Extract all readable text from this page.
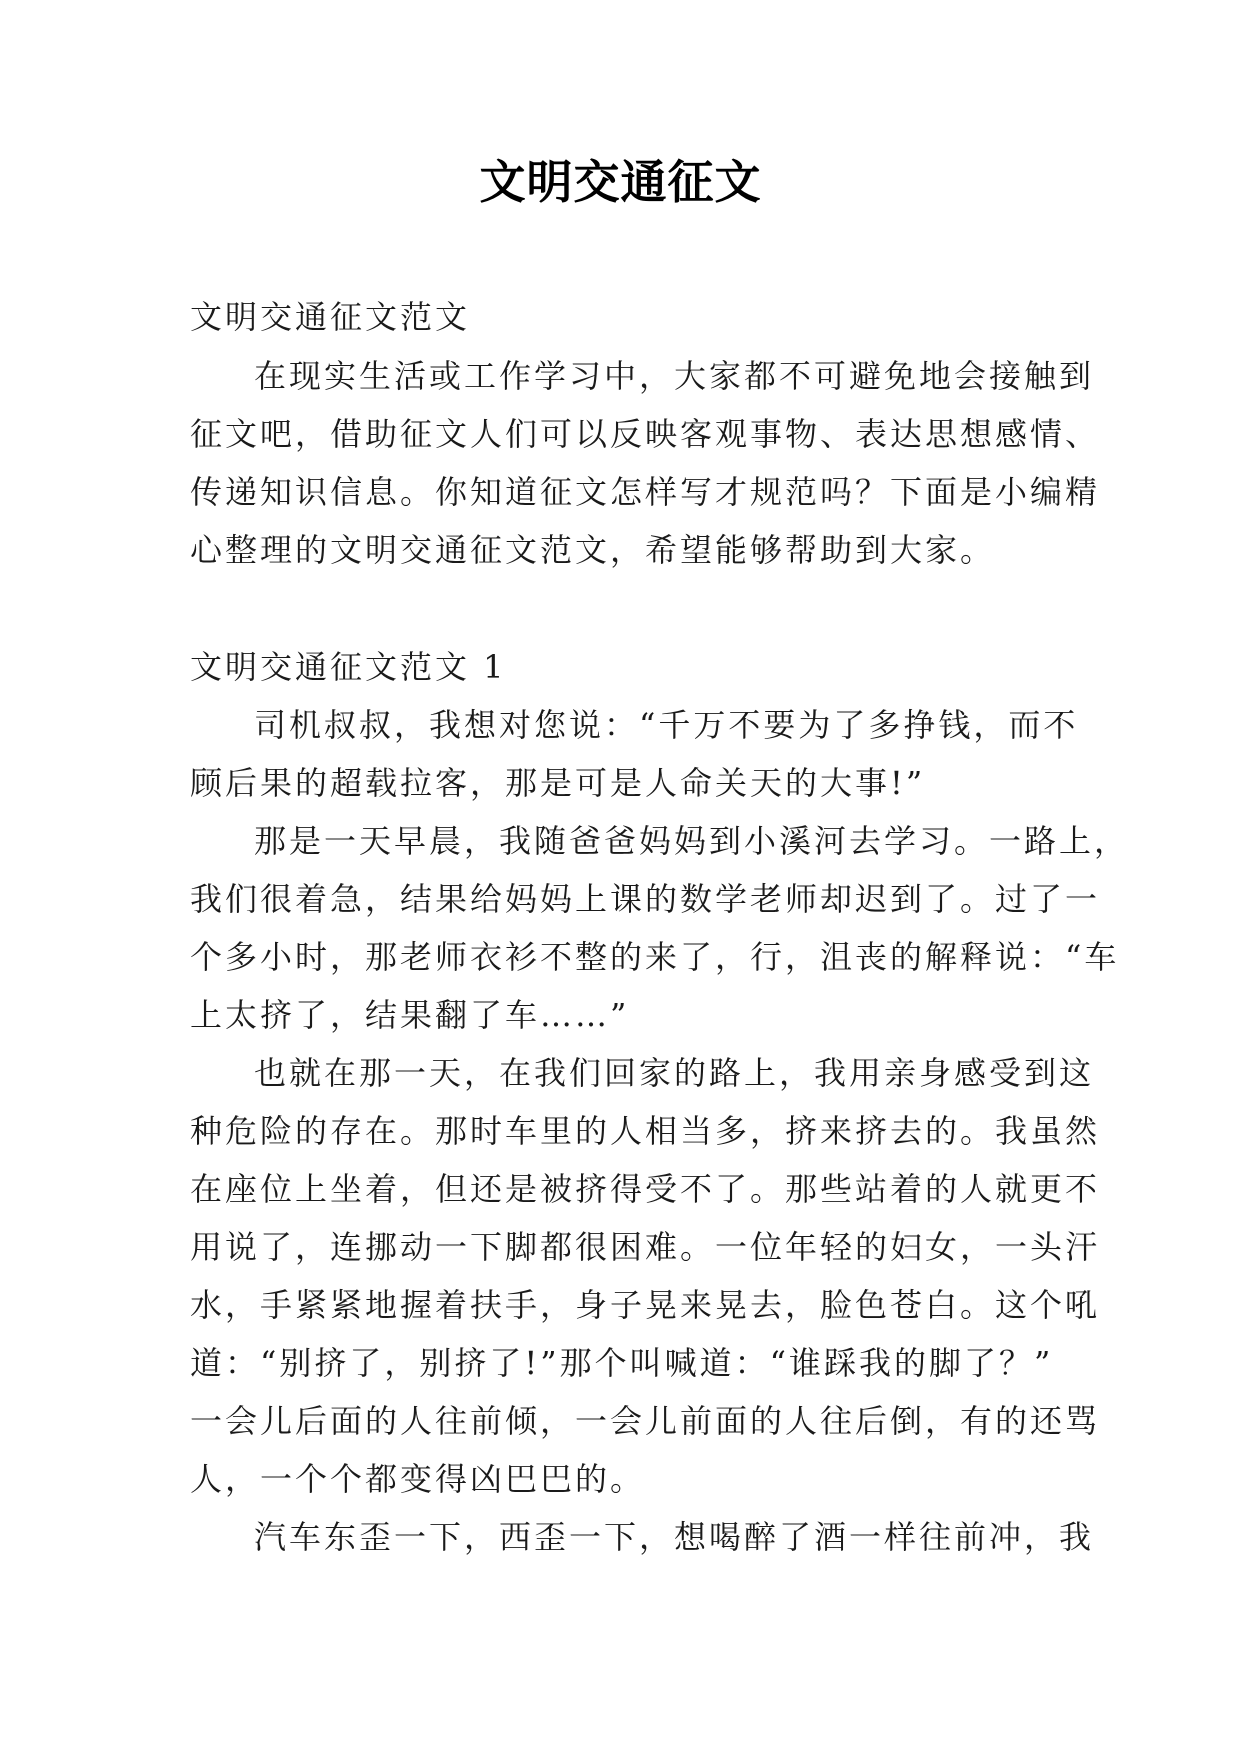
文明交通征文
文明交通征文范文
在现实生活或工作学习中，大家都不可避免地会接触到
征文吧，借助征文人们可以反映客观事物、表达思想感情、
传递知识信息。你知道征文怎样写才规范吗？下面是小编精
心整理的文明交通征文范文，希望能够帮助到大家。
文明交通征文范文 1
司机叔叔，我想对您说：“千万不要为了多挣钱，而不
顾后果的超载拉客，那是可是人命关天的大事!”
那是一天早晨，我随爸爸妈妈到小溪河去学习。一路上，
我们很着急，结果给妈妈上课的数学老师却迟到了。过了一
个多小时，那老师衣衫不整的来了，行，沮丧的解释说：“车
上太挤了，结果翻了车……”
也就在那一天，在我们回家的路上，我用亲身感受到这
种危险的存在。那时车里的人相当多，挤来挤去的。我虽然
在座位上坐着，但还是被挤得受不了。那些站着的人就更不
用说了，连挪动一下脚都很困难。一位年轻的妇女，一头汗
水，手紧紧地握着扶手，身子晃来晃去，脸色苍白。这个吼
道：“别挤了，别挤了!”那个叫喊道：“谁踩我的脚了？”
一会儿后面的人往前倾，一会儿前面的人往后倒，有的还骂
人，一个个都变得凶巴巴的。
汽车东歪一下，西歪一下，想喝醉了酒一样往前冲，我
